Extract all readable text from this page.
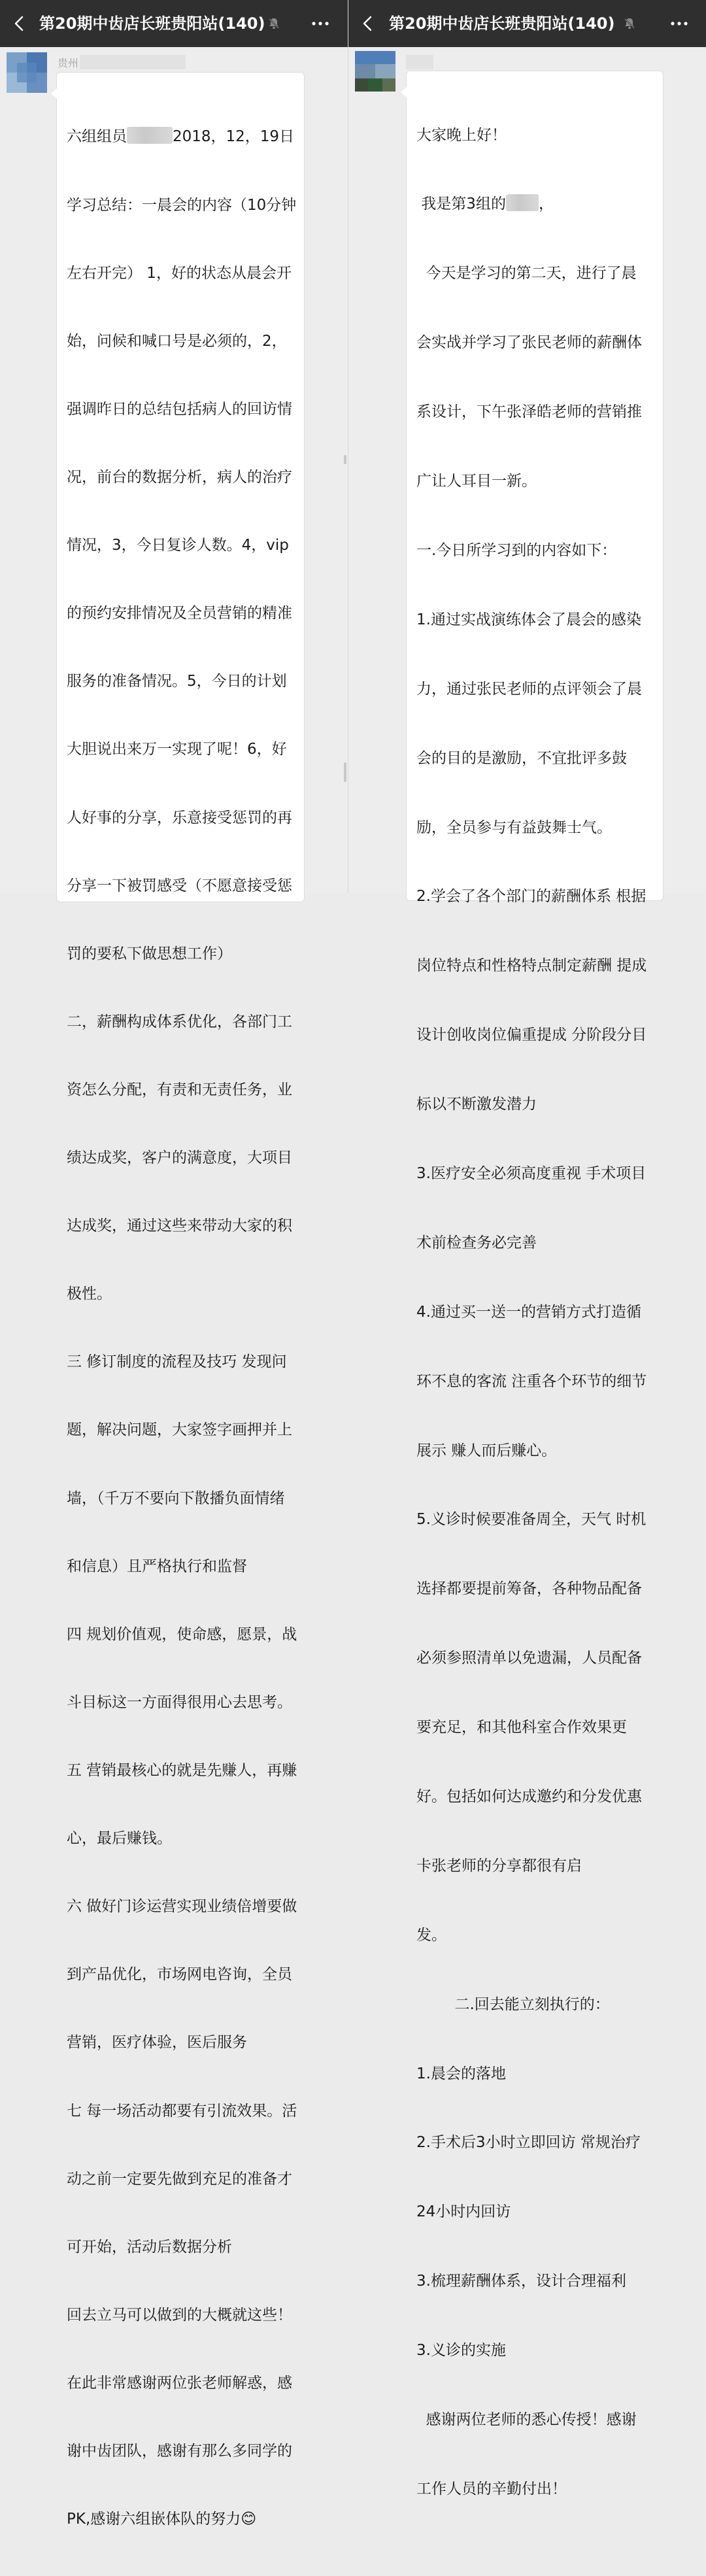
第20期中齿店长班贵阳站(140)
贵州

六组组员	2018，12，19日

学习总结：一晨会的内容（10分钟

左右开完） 1，好的状态从晨会开

始，问候和喊口号是必须的，2，

强调昨日的总结包括病人的回访情

况，前台的数据分析，病人的治疗

情况，3，今日复诊人数。4，vip

的预约安排情况及全员营销的精准

服务的准备情况。5，今日的计划

大胆说出来万一实现了呢！6，好

人好事的分享，乐意接受惩罚的再

分享一下被罚感受（不愿意接受惩

罚的要私下做思想工作）

二，薪酬构成体系优化，各部门工

资怎么分配，有责和无责任务，业

绩达成奖，客户的满意度，大项目

达成奖，通过这些来带动大家的积

极性。

三 修订制度的流程及技巧 发现问

题，解决问题，大家签字画押并上

墙，（千万不要向下散播负面情绪

和信息）且严格执行和监督

四 规划价值观，使命感，愿景，战

斗目标这一方面得很用心去思考。

五 营销最核心的就是先赚人，再赚

心，最后赚钱。

六 做好门诊运营实现业绩倍增要做

到产品优化，市场网电咨询，全员

营销，医疗体验，医后服务

七 每一场活动都要有引流效果。活

动之前一定要先做到充足的准备才

可开始，活动后数据分析

回去立马可以做到的大概就这些！

在此非常感谢两位张老师解惑，感

谢中齿团队，感谢有那么多同学的

PK,感谢六组嵌体队的努力😊

第20期中齿店长班贵阳站(140)

大家晚上好！

我是第3组的 ，

今天是学习的第二天，进行了晨

会实战并学习了张民老师的薪酬体

系设计，下午张泽皓老师的营销推

广让人耳目一新。

一.今日所学习到的内容如下：

1.通过实战演练体会了晨会的感染

力，通过张民老师的点评领会了晨

会的目的是激励，不宜批评多鼓

励，全员参与有益鼓舞士气。

2.学会了各个部门的薪酬体系 根据

岗位特点和性格特点制定薪酬 提成

设计创收岗位偏重提成 分阶段分目

标以不断激发潜力

3.医疗安全必须高度重视 手术项目

术前检查务必完善

4.通过买一送一的营销方式打造循

环不息的客流 注重各个环节的细节

展示 赚人而后赚心。

5.义诊时候要准备周全，天气 时机

选择都要提前筹备，各种物品配备

必须参照清单以免遗漏，人员配备

要充足，和其他科室合作效果更

好。包括如何达成邀约和分发优惠

卡张老师的分享都很有启

发。

二.回去能立刻执行的：

1.晨会的落地

2.手术后3小时立即回访 常规治疗

24小时内回访

3.梳理薪酬体系，设计合理福利

3.义诊的实施

感谢两位老师的悉心传授！感谢

工作人员的辛勤付出！
